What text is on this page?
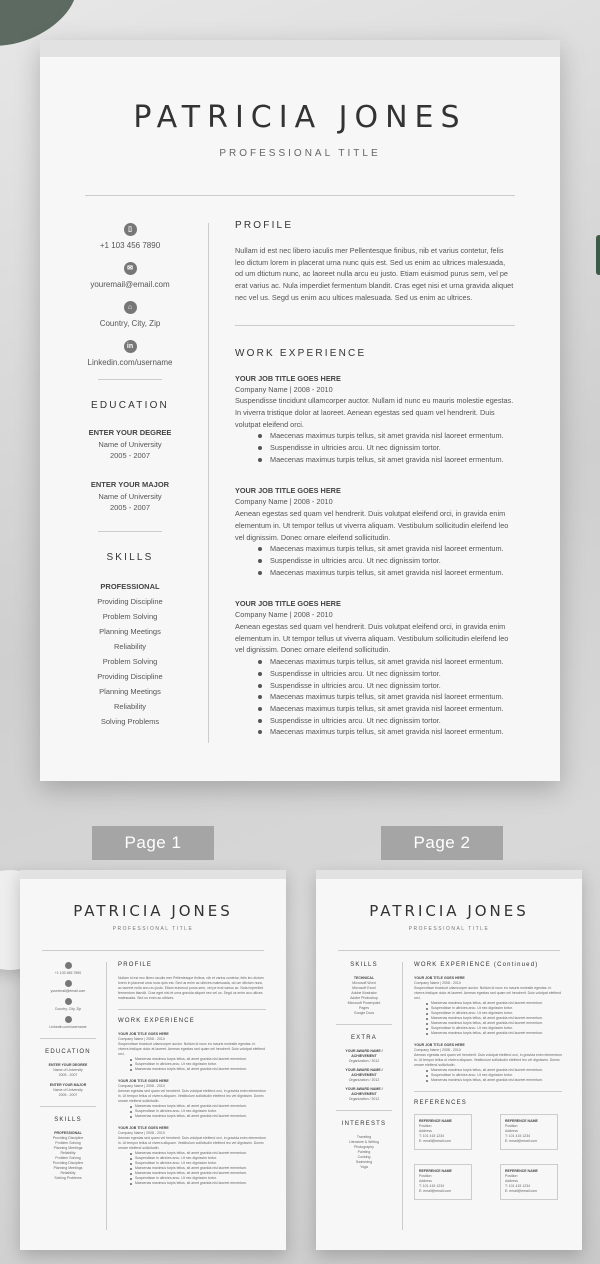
PATRICIA JONES
PROFESSIONAL TITLE
▯
+1 103 456 7890
✉
youremail@email.com
⌂
Country, City, Zip
in
Linkedin.com/username
EDUCATION
ENTER YOUR DEGREE
Name of University
2005 - 2007
ENTER YOUR MAJOR
Name of University
2005 - 2007
SKILLS
PROFESSIONAL
Providing Discipline
Problem Solving
Planning Meetings
Reliability
Problem Solving
Providing Discipline
Planning Meetings
Reliability
Solving Problems
PROFILE
Nullam id est nec libero iaculis mer Pellentesque finibus, nib et varius contetur, felis leo dictum lorem in placerat urna nunc quis est. Sed us enim ac ultrices malesuada, od um dtictum nunc, ac laoreet nulla arcu eu justo. Etiam euismod purus sem, vel pe erat varius ac. Nula imperdiet fermentum blandit. Cras eget nisi et urna gravida aliquet nec vel us. Segd us enim acu ultices malesuada. Sed us enim ac ultrices.
WORK EXPERIENCE
YOUR JOB TITLE GOES HERE
Company Name | 2008 - 2010
Suspendisse tincidunt ullamcorper auctor. Nullam id nunc eu mauris molestie egestas. In viverra tristique dolor at laoreet. Aenean egestas sed quam vel hendrerit. Duis volutpat eleifend orci.
Maecenas maximus turpis tellus, sit amet gravida nisl laoreet ermentum.
Suspendisse in ultricies arcu. Ut nec dignissim tortor.
Maecenas maximus turpis tellus, sit amet gravida nisl laoreet ermentum.
YOUR JOB TITLE GOES HERE
Company Name | 2008 - 2010
Aenean egestas sed quam vel hendrerit. Duis volutpat eleifend orci, in gravida enim elementum in. Ut tempor tellus ut viverra aliquam. Vestibulum sollicitudin eleifend leo vel dignissim. Donec ornare eleifend sollicitudin.
Maecenas maximus turpis tellus, sit amet gravida nisl laoreet ermentum.
Suspendisse in ultricies arcu. Ut nec dignissim tortor.
Maecenas maximus turpis tellus, sit amet gravida nisl laoreet ermentum.
YOUR JOB TITLE GOES HERE
Company Name | 2008 - 2010
Aenean egestas sed quam vel hendrerit. Duis volutpat eleifend orci, in gravida enim elementum in. Ut tempor tellus ut viverra aliquam. Vestibulum sollicitudin eleifend leo vel dignissim. Donec ornare eleifend sollicitudin.
Maecenas maximus turpis tellus, sit amet gravida nisl laoreet ermentum.
Suspendisse in ultricies arcu. Ut nec dignissim tortor.
Suspendisse in ultricies arcu. Ut nec dignissim tortor.
Maecenas maximus turpis tellus, sit amet gravida nisl laoreet ermentum.
Maecenas maximus turpis tellus, sit amet gravida nisl laoreet ermentum.
Suspendisse in ultricies arcu. Ut nec dignissim tortor.
Maecenas maximus turpis tellus, sit amet gravida nisl laoreet ermentum.
Page 1	Page 2
PATRICIA JONES
PROFESSIONAL TITLE
+1 103 456 7890
youremail@email.com
Country, City, Zip
Linkedin.com/username
EDUCATION
ENTER YOUR DEGREE
Name of University
2005 - 2007
ENTER YOUR MAJOR
Name of University
2005 - 2007
SKILLS
PROFESSIONAL
Providing Discipline
Problem Solving
Planning Meetings
Reliability
Problem Solving
Providing Discipline
Planning Meetings
Reliability
Solving Problems
PROFILE
Nullam id est nec libero iaculis mer Pellentesque finibus, nib et varius contetur, felis leo dictum lorem in placerat urna nunc quis est. Sed us enim ac ultrices malesuada, od um dtictum nunc, ac laoreet nulla arcu eu justo. Etiam euismod purus sem, vel pe erat varius ac. Nula imperdiet fermentum blandit. Cras eget nisi et urna gravida aliquet nec vel us. Segd us enim acu ultices malesuada. Sed us enim ac ultrices.
WORK EXPERIENCE
YOUR JOB TITLE GOES HERE
Company Name | 2008 - 2010
Suspendisse tincidunt ullamcorper auctor. Nullam id nunc eu mauris molestie egestas. In viverra tristique dolor at laoreet. Aenean egestas sed quam vel hendrerit. Duis volutpat eleifend orci.
Maecenas maximus turpis tellus, sit amet gravida nisl laoreet ermentum.
Suspendisse in ultricies arcu. Ut nec dignissim tortor.
Maecenas maximus turpis tellus, sit amet gravida nisl laoreet ermentum.
YOUR JOB TITLE GOES HERE
Company Name | 2008 - 2010
Aenean egestas sed quam vel hendrerit. Duis volutpat eleifend orci, in gravida enim elementum in. Ut tempor tellus ut viverra aliquam. Vestibulum sollicitudin eleifend leo vel dignissim. Donec ornare eleifend sollicitudin.
Maecenas maximus turpis tellus, sit amet gravida nisl laoreet ermentum.
Suspendisse in ultricies arcu. Ut nec dignissim tortor.
Maecenas maximus turpis tellus, sit amet gravida nisl laoreet ermentum.
YOUR JOB TITLE GOES HERE
Company Name | 2008 - 2010
Aenean egestas sed quam vel hendrerit. Duis volutpat eleifend orci, in gravida enim elementum in. Ut tempor tellus ut viverra aliquam. Vestibulum sollicitudin eleifend leo vel dignissim. Donec ornare eleifend sollicitudin.
Maecenas maximus turpis tellus, sit amet gravida nisl laoreet ermentum.
Suspendisse in ultricies arcu. Ut nec dignissim tortor.
Suspendisse in ultricies arcu. Ut nec dignissim tortor.
Maecenas maximus turpis tellus, sit amet gravida nisl laoreet ermentum.
Maecenas maximus turpis tellus, sit amet gravida nisl laoreet ermentum.
Suspendisse in ultricies arcu. Ut nec dignissim tortor.
Maecenas maximus turpis tellus, sit amet gravida nisl laoreet ermentum.
PATRICIA JONES
PROFESSIONAL TITLE
SKILLS
TECHNICAL
Microsoft Word
Microsoft Excel
Adobe Illustrator
Adobe Photoshop
Microsoft Powerpoint
Pages
Google Docs
EXTRA
YOUR AWARD NAME / ACHIEVEMENT
Organization / 2012
YOUR AWARD NAME / ACHIEVEMENT
Organization / 2012
YOUR AWARD NAME / ACHIEVEMENT
Organization / 2012
INTERESTS
Traveling
Literature & Writing
Photography
Painting
Cooking
Swimming
Yoga
WORK EXPERIENCE (Continued)
YOUR JOB TITLE GOES HERE
Company Name | 2008 - 2010
Suspendisse tincidunt ullamcorper auctor. Nullam id nunc eu mauris molestie egestas. In viverra tristique dolor at laoreet. Aenean egestas sed quam vel hendrerit. Duis volutpat eleifend orci.
Maecenas maximus turpis tellus, sit amet gravida nisl laoreet ermentum.
Suspendisse in ultricies arcu. Ut nec dignissim tortor.
Suspendisse in ultricies arcu. Ut nec dignissim tortor.
Maecenas maximus turpis tellus, sit amet gravida nisl laoreet ermentum.
Maecenas maximus turpis tellus, sit amet gravida nisl laoreet ermentum.
Suspendisse in ultricies arcu. Ut nec dignissim tortor.
Maecenas maximus turpis tellus, sit amet gravida nisl laoreet ermentum.
YOUR JOB TITLE GOES HERE
Company Name | 2008 - 2010
Aenean egestas sed quam vel hendrerit. Duis volutpat eleifend orci, in gravida enim elementum in. Ut tempor tellus ut viverra aliquam. Vestibulum sollicitudin eleifend leo vel dignissim. Donec ornare eleifend sollicitudin.
Maecenas maximus turpis tellus, sit amet gravida nisl laoreet ermentum.
Suspendisse in ultricies arcu. Ut nec dignissim tortor.
Maecenas maximus turpis tellus, sit amet gravida nisl laoreet ermentum.
REFERENCES
REFERENCE NAME
Position
Address
T: 101 415 1234
E: email@email.com
REFERENCE NAME
Position
Address
T: 101 415 1234
E: email@email.com
REFERENCE NAME
Position
Address
T: 101 415 1234
E: email@email.com
REFERENCE NAME
Position
Address
T: 101 415 1234
E: email@email.com
